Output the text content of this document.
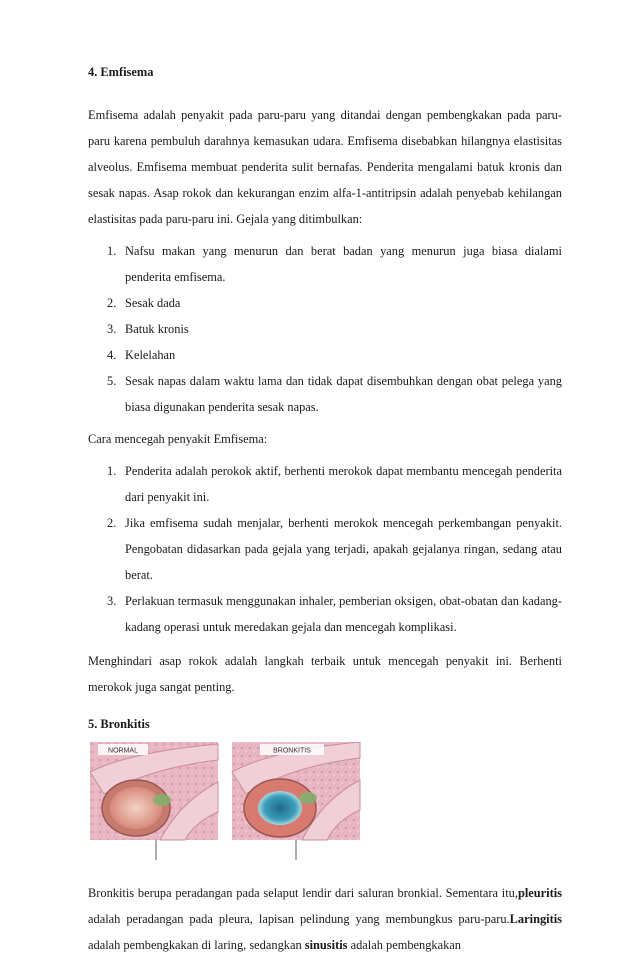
4. Emfisema

Emfisema adalah penyakit pada paru-paru yang ditandai dengan pembengkakan pada paru-paru karena pembuluh darahnya kemasukan udara. Emfisema disebabkan hilangnya elastisitas alveolus. Emfisema membuat penderita sulit bernafas. Penderita mengalami batuk kronis dan sesak napas. Asap rokok dan kekurangan enzim alfa-1-antitripsin adalah penyebab kehilangan elastisitas pada paru-paru ini. Gejala yang ditimbulkan:

1. Nafsu makan yang menurun dan berat badan yang menurun juga biasa dialami penderita emfisema.
2. Sesak dada
3. Batuk kronis
4. Kelelahan
5. Sesak napas dalam waktu lama dan tidak dapat disembuhkan dengan obat pelega yang biasa digunakan penderita sesak napas.

Cara mencegah penyakit Emfisema:

1. Penderita adalah perokok aktif, berhenti merokok dapat membantu mencegah penderita dari penyakit ini.
2. Jika emfisema sudah menjalar, berhenti merokok mencegah perkembangan penyakit. Pengobatan didasarkan pada gejala yang terjadi, apakah gejalanya ringan, sedang atau berat.
3. Perlakuan termasuk menggunakan inhaler, pemberian oksigen, obat-obatan dan kadang-kadang operasi untuk meredakan gejala dan mencegah komplikasi.

Menghindari asap rokok adalah langkah terbaik untuk mencegah penyakit ini. Berhenti merokok juga sangat penting.

5. Bronkitis
NORMAL	BRONKITIS

Bronkitis berupa peradangan pada selaput lendir dari saluran bronkial. Sementara itu,pleuritis adalah peradangan pada pleura, lapisan pelindung yang membungkus paru-paru.Laringitis adalah pembengkakan di laring, sedangkan sinusitis adalah pembengkakan
